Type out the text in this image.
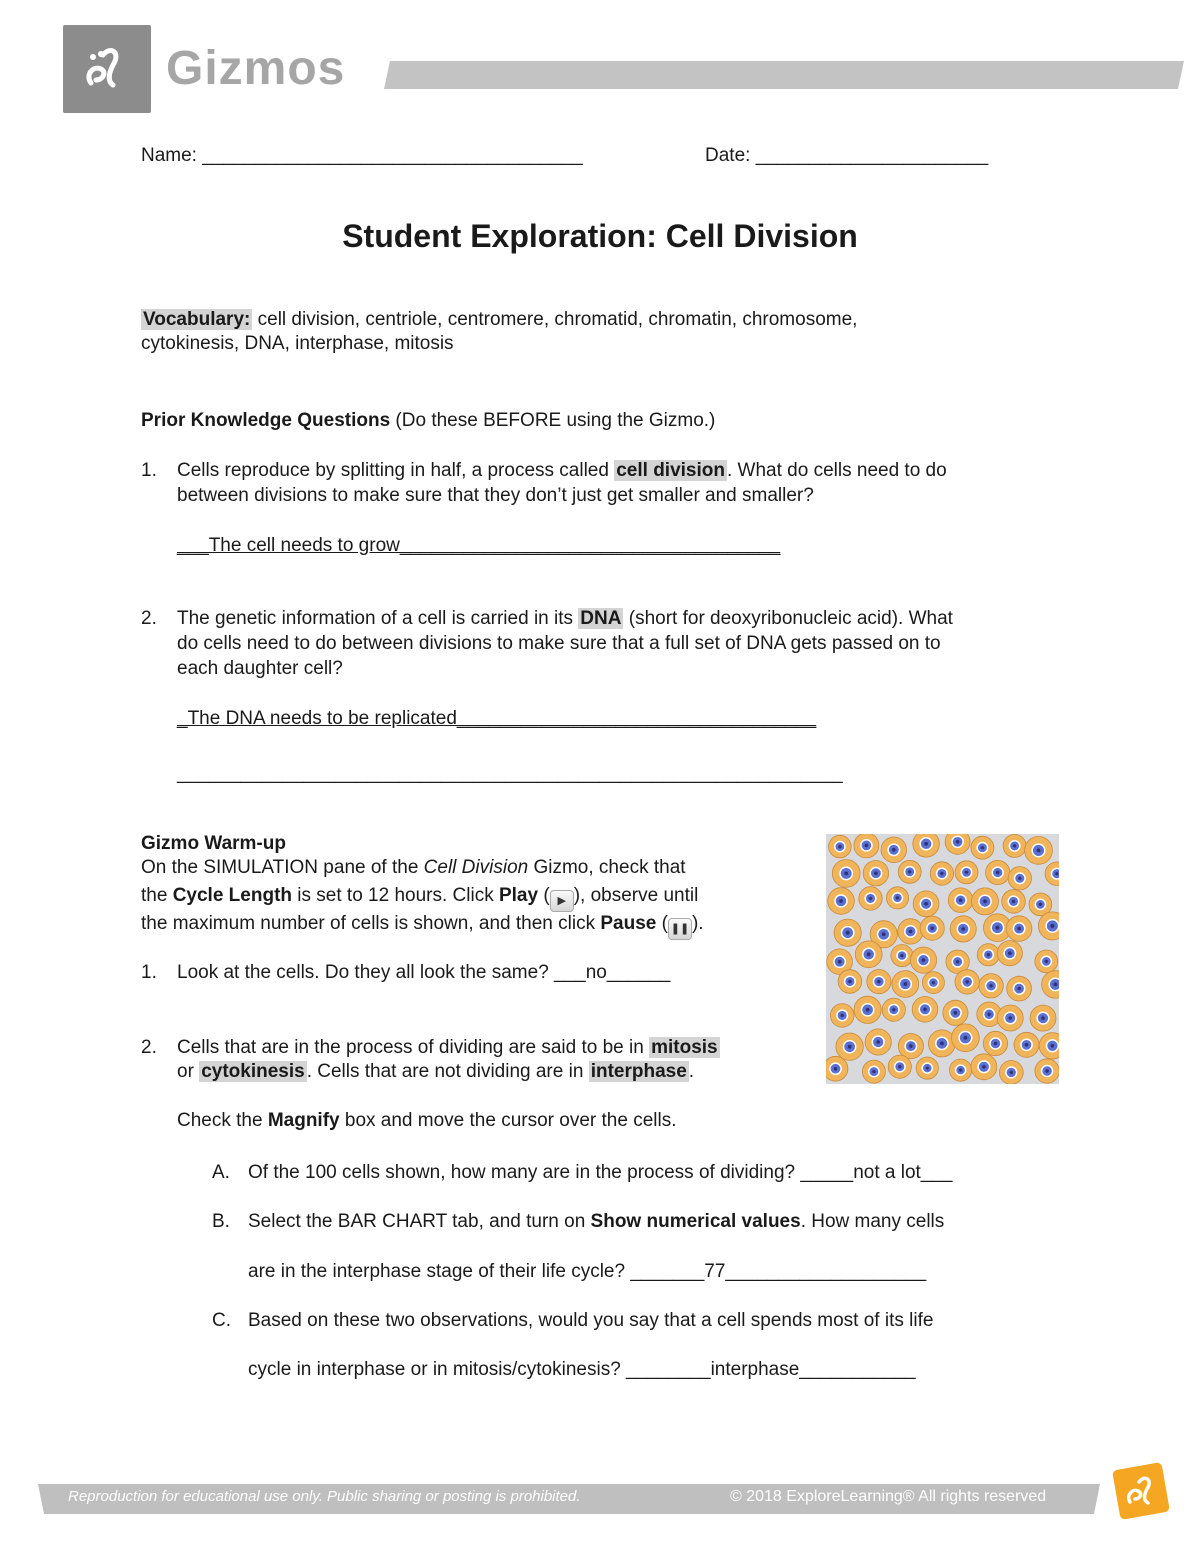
Gizmos
Name: ____________________________________	Date: ______________________
Student Exploration: Cell Division
Vocabulary: cell division, centriole, centromere, chromatid, chromatin, chromosome,
cytokinesis, DNA, interphase, mitosis
Prior Knowledge Questions (Do these BEFORE using the Gizmo.)
1. Cells reproduce by splitting in half, a process called cell division . What do cells need to do
between divisions to make sure that they don’t just get smaller and smaller?
___The cell needs to grow____________________________________
2. The genetic information of a cell is carried in its DNA (short for deoxyribonucleic acid). What
do cells need to do between divisions to make sure that a full set of DNA gets passed on to
each daughter cell?
_The DNA needs to be replicated__________________________________
_______________________________________________________________
Gizmo Warm-up
On the SIMULATION pane of the Cell Division Gizmo, check that
the Cycle Length is set to 12 hours. Click Play ( ▶ ), observe until
the maximum number of cells is shown, and then click Pause ( ❚❚ ).
1. Look at the cells. Do they all look the same? ___no______
2. Cells that are in the process of dividing are said to be in mitosis
or cytokinesis . Cells that are not dividing are in interphase .
Check the Magnify box and move the cursor over the cells.
A. Of the 100 cells shown, how many are in the process of dividing? _____not a lot___
B. Select the BAR CHART tab, and turn on Show numerical values. How many cells
are in the interphase stage of their life cycle? _______77___________________
C. Based on these two observations, would you say that a cell spends most of its life
cycle in interphase or in mitosis/cytokinesis? ________interphase___________
Reproduction for educational use only. Public sharing or posting is prohibited.	© 2018 ExploreLearning® All rights reserved
